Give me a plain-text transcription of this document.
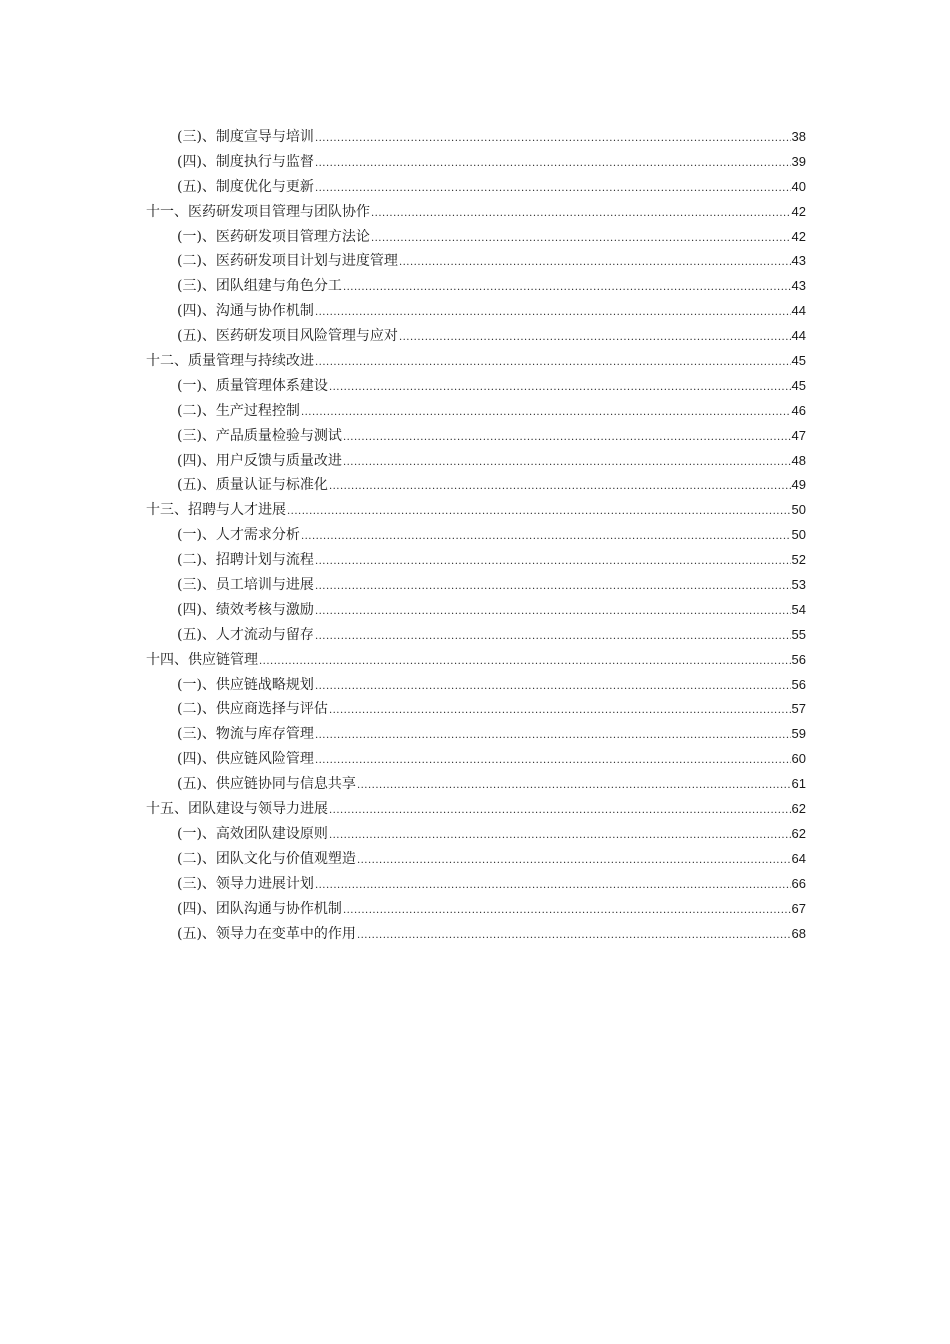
(三)、制度宣导与培训 .....	38
(四)、制度执行与监督 .....	39
(五)、制度优化与更新 .....	40
十一、医药研发项目管理与团队协作 .....	42
(一)、医药研发项目管理方法论 .....	42
(二)、医药研发项目计划与进度管理 .....	43
(三)、团队组建与角色分工 .....	43
(四)、沟通与协作机制 .....	44
(五)、医药研发项目风险管理与应对 .....	44
十二、质量管理与持续改进 .....	45
(一)、质量管理体系建设 .....	45
(二)、生产过程控制 .....	46
(三)、产品质量检验与测试 .....	47
(四)、用户反馈与质量改进 .....	48
(五)、质量认证与标准化 .....	49
十三、招聘与人才进展 .....	50
(一)、人才需求分析 .....	50
(二)、招聘计划与流程 .....	52
(三)、员工培训与进展 .....	53
(四)、绩效考核与激励 .....	54
(五)、人才流动与留存 .....	55
十四、供应链管理 .....	56
(一)、供应链战略规划 .....	56
(二)、供应商选择与评估 .....	57
(三)、物流与库存管理 .....	59
(四)、供应链风险管理 .....	60
(五)、供应链协同与信息共享 .....	61
十五、团队建设与领导力进展 .....	62
(一)、高效团队建设原则 .....	62
(二)、团队文化与价值观塑造 .....	64
(三)、领导力进展计划 .....	66
(四)、团队沟通与协作机制 .....	67
(五)、领导力在变革中的作用 .....	68
